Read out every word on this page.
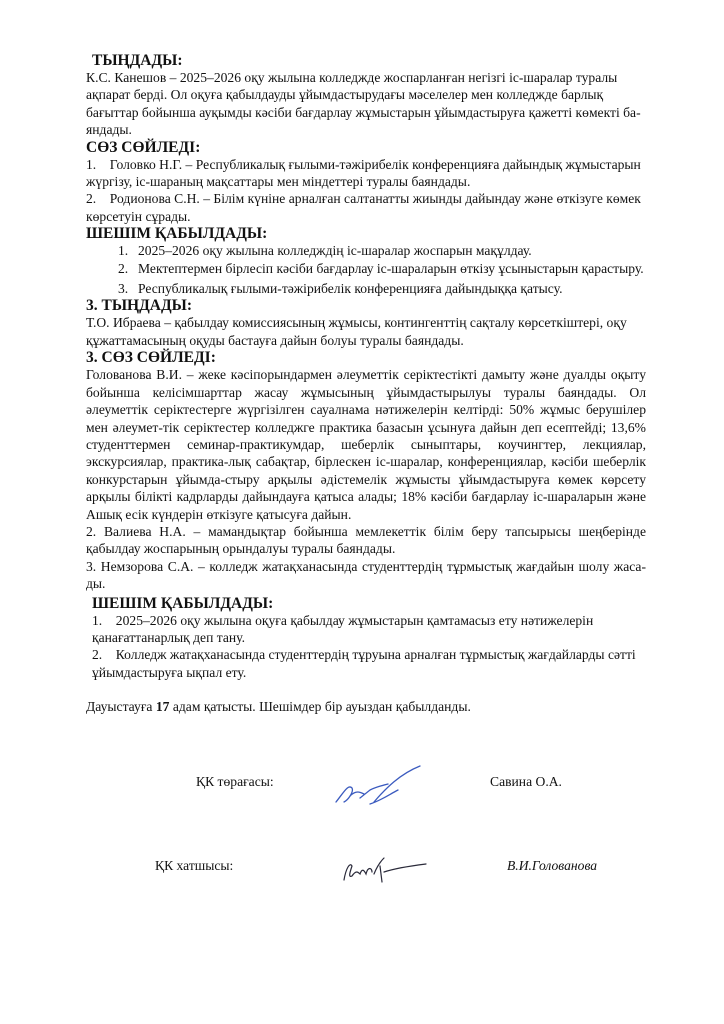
ТЫҢДАДЫ:

К.С. Канешов – 2025–2026 оқу жылына колледжде жоспарланған негізгі іс-шаралар туралы

ақпарат берді. Ол оқуға қабылдауды ұйымдастырудағы мәселелер мен колледжде барлық

бағыттар бойынша ауқымды кәсіби бағдарлау жұмыстарын ұйымдастыруға қажетті көмекті ба-

яндады.

СӨЗ СӨЙЛЕДІ:

1. Головко Н.Г. – Республикалық ғылыми-тәжірибелік конференцияға дайындық жұмыстарын

жүргізу, іс-шараның мақсаттары мен міндеттері туралы баяндады.

2. Родионова С.Н. – Білім күніне арналған салтанатты жиынды дайындау және өткізуге көмек

көрсетуін сұрады.

ШЕШІМ ҚАБЫЛДАДЫ:

1. 2025–2026 оқу жылына колледждің іс-шаралар жоспарын мақұлдау.
2. Мектептермен бірлесіп кәсіби бағдарлау іс-шараларын өткізу ұсыныстарын қарастыру.
3. Республикалық ғылыми-тәжірибелік конференцияға дайындыққа қатысу.

3. ТЫҢДАДЫ:

Т.О. Ибраева – қабылдау комиссиясының жұмысы, контингенттің сақталу көрсеткіштері, оқу

құжаттамасының оқуды бастауға дайын болуы туралы баяндады.

3. СӨЗ СӨЙЛЕДІ:

Голованова В.И. – жеке кәсіпорындармен әлеуметтік серіктестікті дамыту және дуалды оқыту бойынша келісімшарттар жасау жұмысының ұйымдастырылуы туралы баяндады. Ол әлеуметтік серіктестерге жүргізілген сауалнама нәтижелерін келтірді: 50% жұмыс берушілер мен әлеумет-тік серіктестер колледжге практика базасын ұсынуға дайын деп есептейді; 13,6% студенттермен семинар-практикумдар, шеберлік сыныптары, коучингтер, лекциялар, экскурсиялар, практика-лық сабақтар, бірлескен іс-шаралар, конференциялар, кәсіби шеберлік конкурстарын ұйымда-стыру арқылы әдістемелік жұмысты ұйымдастыруға көмек көрсету арқылы білікті кадрларды дайындауға қатыса алады; 18% кәсіби бағдарлау іс-шараларын және Ашық есік күндерін өткізуге қатысуға дайын.

2. Валиева Н.А. – мамандықтар бойынша мемлекеттік білім беру тапсырысы шеңберінде қабылдау жоспарының орындалуы туралы баяндады.

3. Немзорова С.А. – колледж жатақханасында студенттердің тұрмыстық жағдайын шолу жаса-ды.

ШЕШІМ ҚАБЫЛДАДЫ:

1. 2025–2026 оқу жылына оқуға қабылдау жұмыстарын қамтамасыз ету нәтижелерін

қанағаттанарлық деп тану.

2. Колледж жатақханасында студенттердің тұруына арналған тұрмыстық жағдайларды сәтті

ұйымдастыруға ықпал ету.

Дауыстауға 17 адам қатысты. Шешімдер бір ауыздан қабылданды.

ҚК төрағасы:	Савина О.А.
ҚК хатшысы:	В.И.Голованова
